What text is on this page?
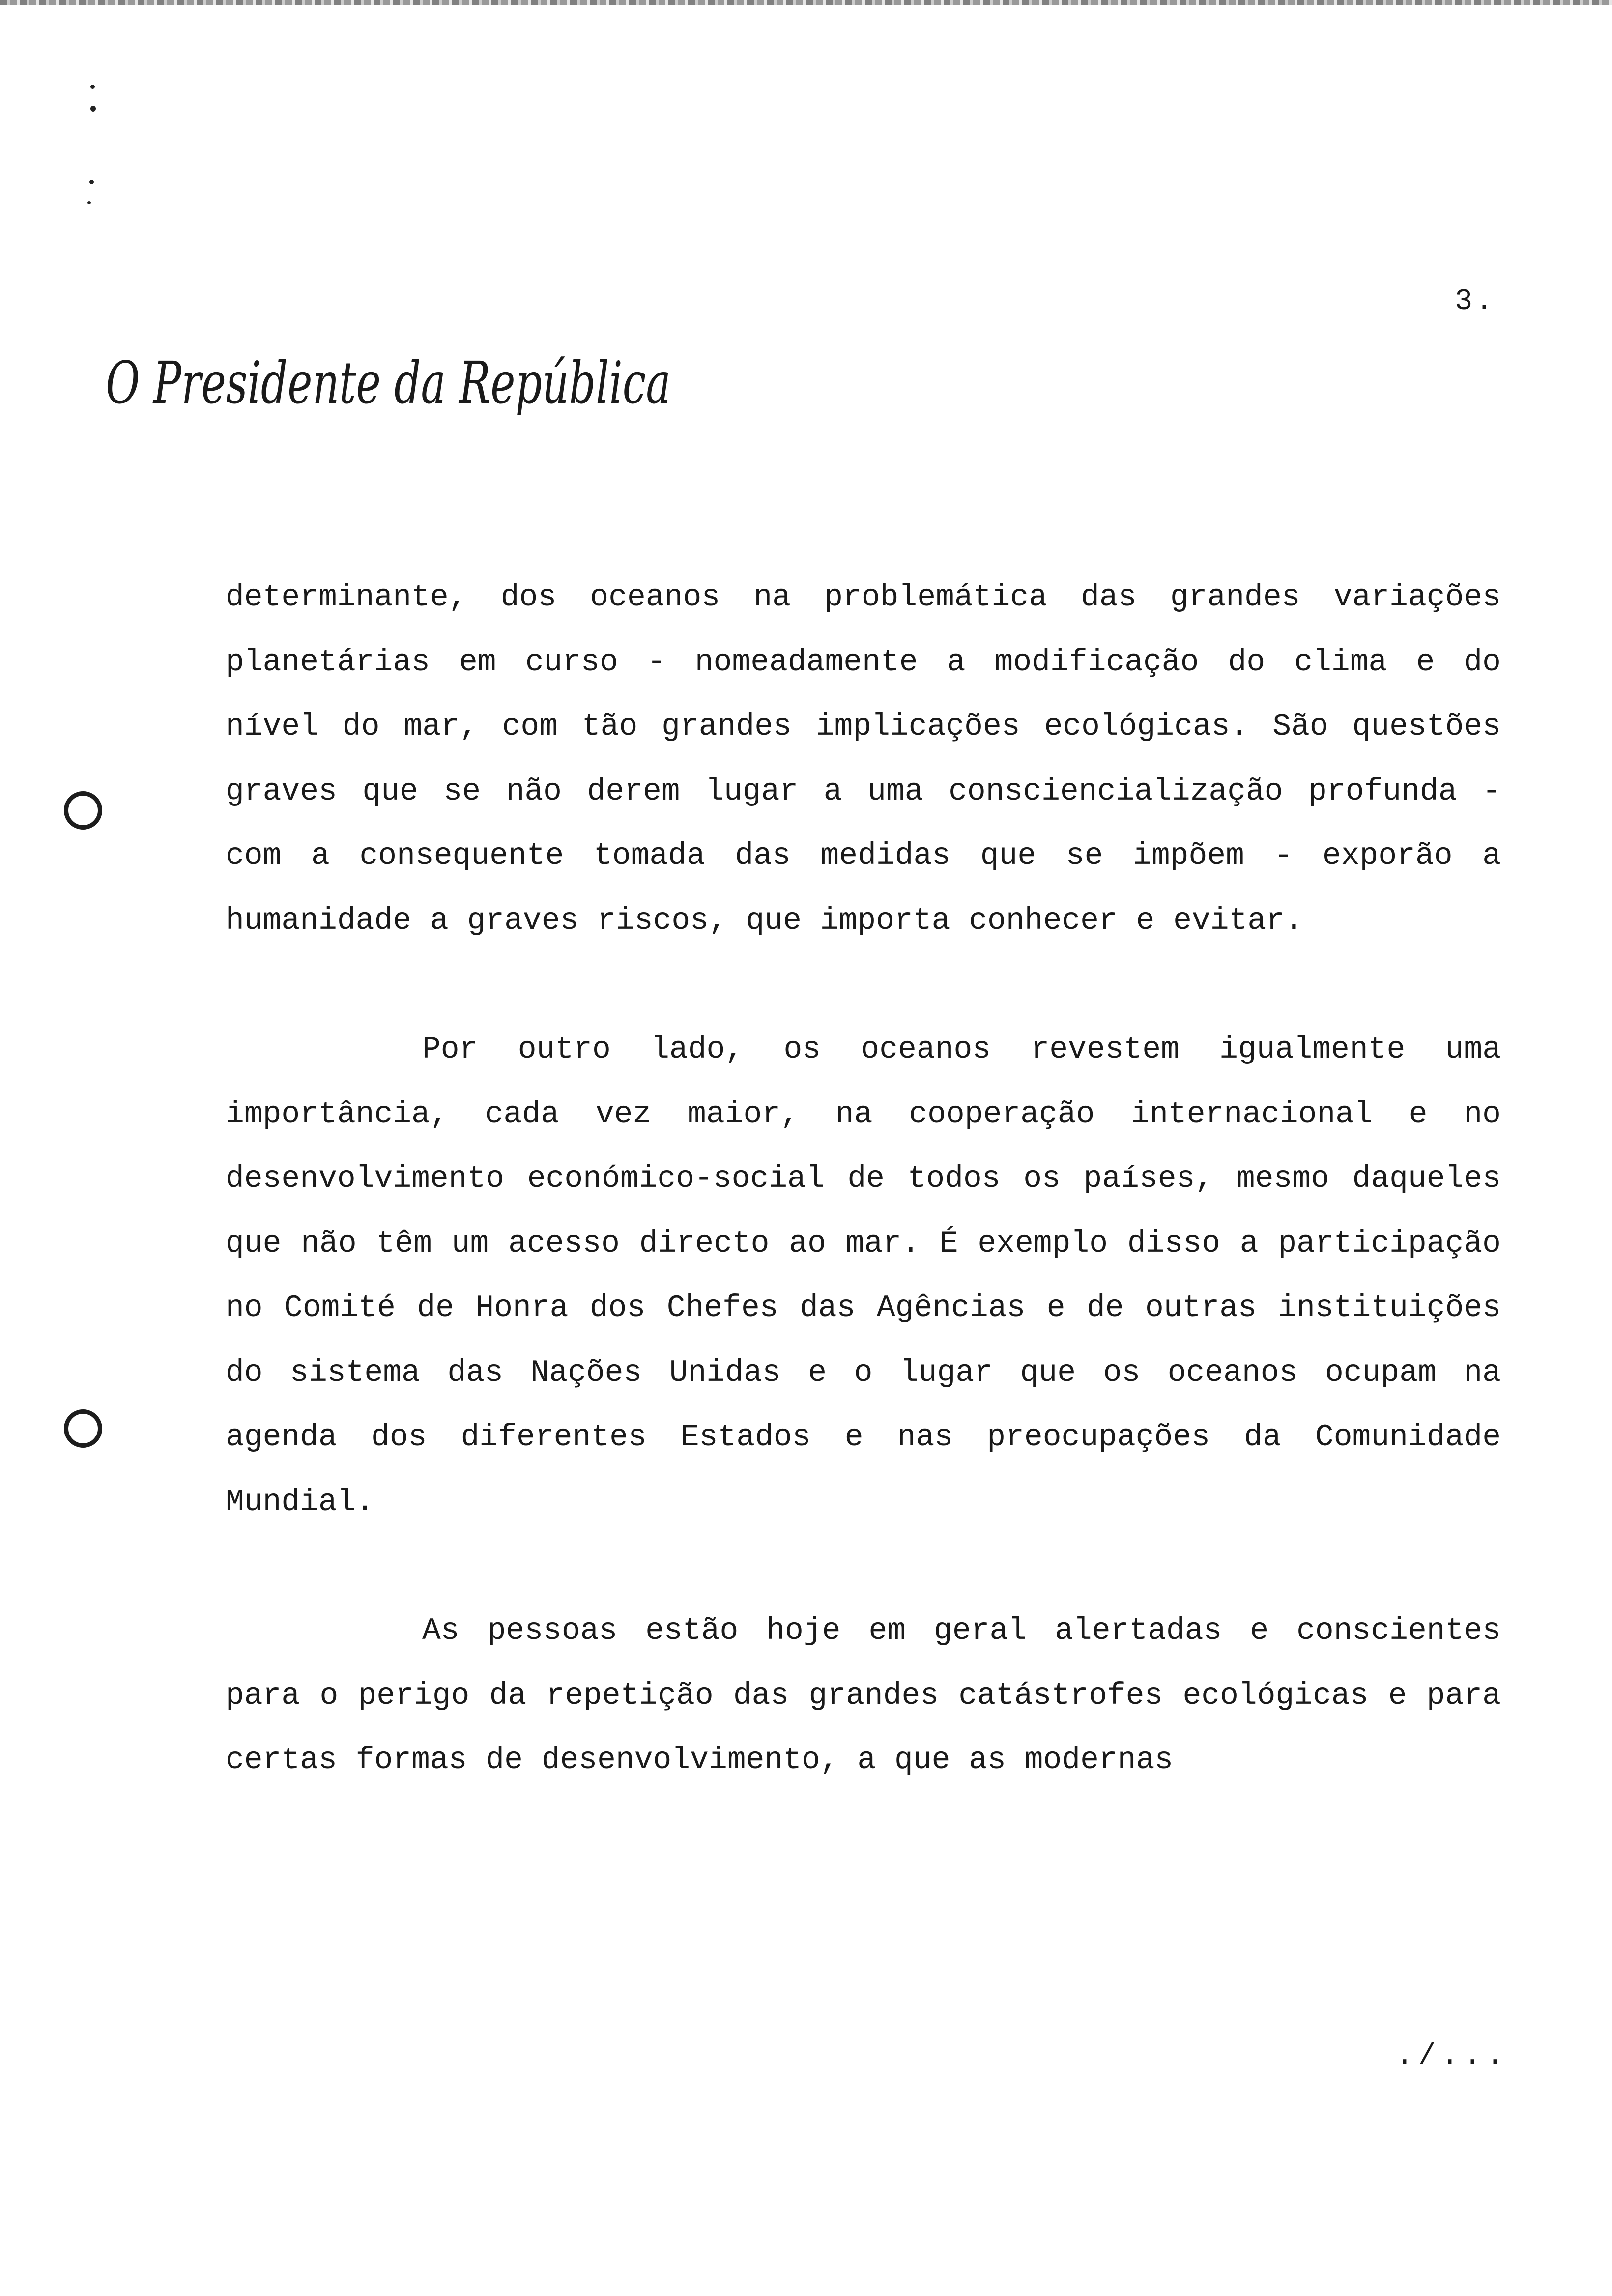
3.
O Presidente da República

determinante, dos oceanos na problemática das grandes variações planetárias em curso - nomeadamente a modificação do clima e do nível do mar, com tão grandes implicações ecológicas. São questões graves que se não derem lugar a uma consciencialização profunda - com a consequente tomada das medidas que se impõem - exporão a humanidade a graves riscos, que importa conhecer e evitar.

Por outro lado, os oceanos revestem igualmente uma importância, cada vez maior, na cooperação internacional e no desenvolvimento económico-social de todos os países, mesmo daqueles que não têm um acesso directo ao mar. É exemplo disso a participação no Comité de Honra dos Chefes das Agências e de outras instituições do sistema das Nações Unidas e o lugar que os oceanos ocupam na agenda dos diferentes Estados e nas preocupações da Comunidade Mundial.

As pessoas estão hoje em geral alertadas e conscientes para o perigo da repetição das grandes catástrofes ecológicas e para certas formas de desenvolvimento, a que as modernas

./...
